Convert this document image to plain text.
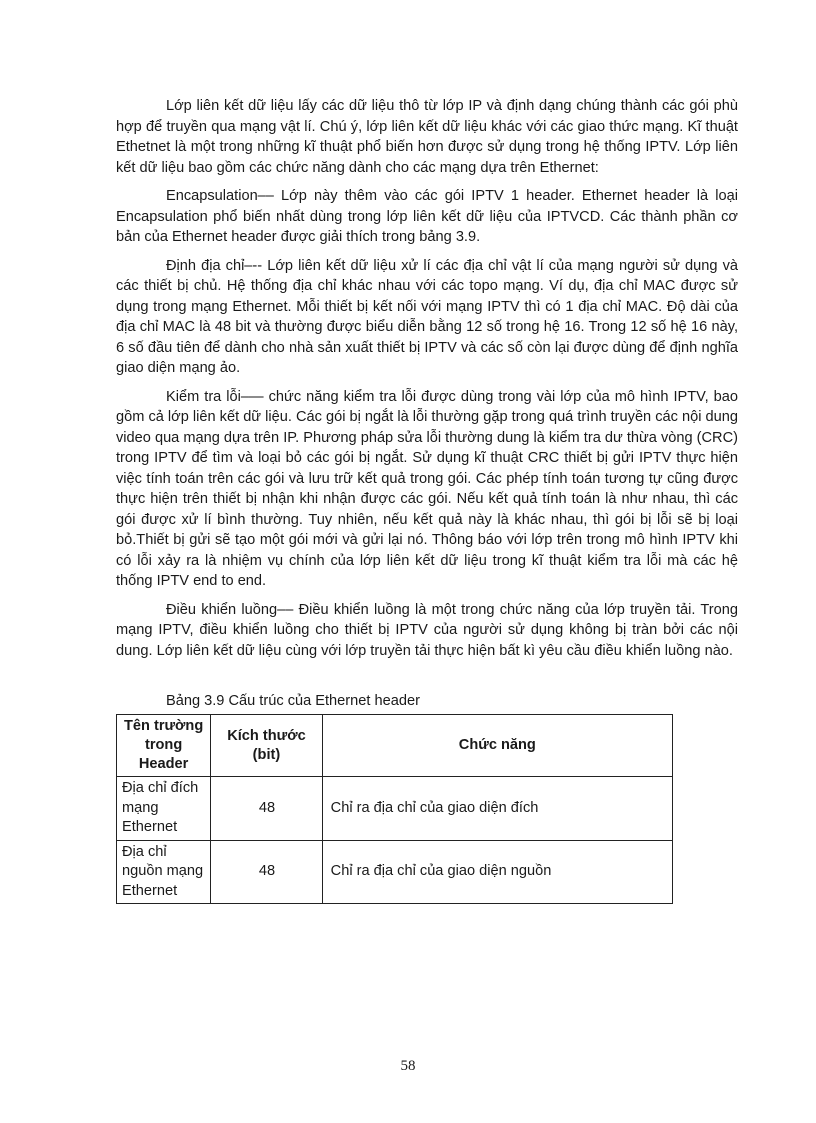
Lớp liên kết dữ liệu lấy các dữ liệu thô từ lớp IP và định dạng chúng thành các gói phù hợp để truyền qua mạng vật lí. Chú ý, lớp liên kết dữ liệu khác với các giao thức mạng. Kĩ thuật Ethetnet là một trong những kĩ thuật phổ biến hơn được sử dụng trong hệ thống IPTV. Lớp liên kết dữ liệu bao gồm các chức năng dành cho các mạng dựa trên Ethernet:

Encapsulation–– Lớp này thêm vào các gói IPTV 1 header. Ethernet header là loại Encapsulation phổ biến nhất dùng trong lớp liên kết dữ liệu của IPTVCD. Các thành phần cơ bản của Ethernet header được giải thích trong bảng 3.9.

Định địa chỉ–-- Lớp liên kết dữ liệu xử lí các địa chỉ vật lí của mạng người sử dụng và các thiết bị chủ. Hệ thống địa chỉ khác nhau với các topo mạng. Ví dụ, địa chỉ MAC được sử dụng trong mạng Ethernet. Mỗi thiết bị kết nối với mạng IPTV thì có 1 địa chỉ MAC. Độ dài của địa chỉ MAC là 48 bit và thường được biểu diễn bằng 12 số trong hệ 16. Trong 12 số hệ 16 này, 6 số đầu tiên để dành cho nhà sản xuất thiết bị IPTV và các số còn lại được dùng để định nghĩa giao diện mạng ảo.

Kiểm tra lỗi–— chức năng kiểm tra lỗi được dùng trong vài lớp của mô hình IPTV, bao gồm cả lớp liên kết dữ liệu. Các gói bị ngắt là lỗi thường gặp trong quá trình truyền các nội dung video qua mạng dựa trên IP. Phương pháp sửa lỗi thường dung là kiểm tra dư thừa vòng (CRC) trong IPTV để tìm và loại bỏ các gói bị ngắt. Sử dụng kĩ thuật CRC thiết bị gửi IPTV thực hiện việc tính toán trên các gói và lưu trữ kết quả trong gói. Các phép tính toán tương tự cũng được thực hiện trên thiết bị nhận khi nhận được các gói. Nếu kết quả tính toán là như nhau, thì các gói được xử lí bình thường. Tuy nhiên, nếu kết quả này là khác nhau, thì gói bị lỗi sẽ bị loại bỏ.Thiết bị gửi sẽ tạo một gói mới và gửi lại nó. Thông báo với lớp trên trong mô hình IPTV khi có lỗi xảy ra là nhiệm vụ chính của lớp liên kết dữ liệu trong kĩ thuật kiểm tra lỗi mà các hệ thống IPTV end to end.

Điều khiển luồng–– Điều khiển luồng là một trong chức năng của lớp truyền tải. Trong mạng IPTV, điều khiển luồng cho thiết bị IPTV của người sử dụng không bị tràn bởi các nội dung. Lớp liên kết dữ liệu cùng với lớp truyền tải thực hiện bất kì yêu cầu điều khiển luồng nào.

Bảng 3.9 Cấu trúc của Ethernet header
Tên trường trong Header	Kích thước (bit)	Chức năng
Địa chỉ đích mạng Ethernet	48	Chỉ ra địa chỉ của giao diện đích
Địa chỉ nguồn mạng Ethernet	48	Chỉ ra địa chỉ của giao diện nguồn
58
